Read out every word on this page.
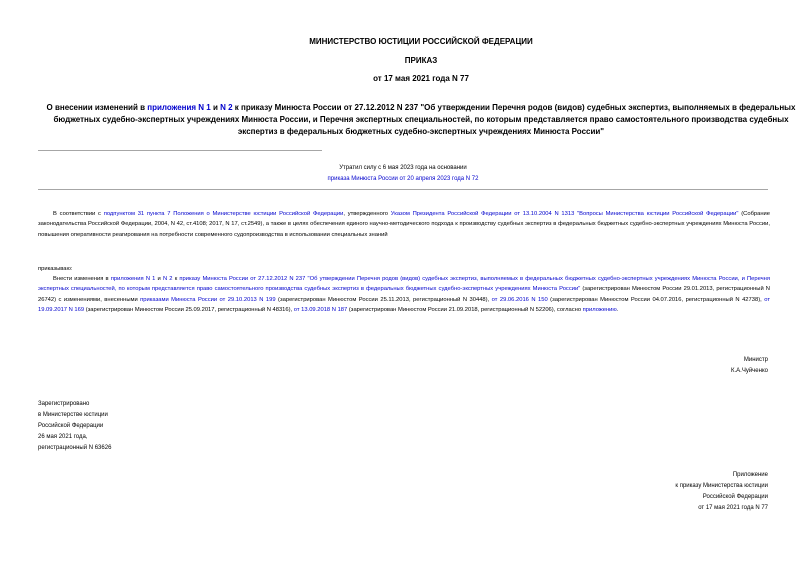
МИНИСТЕРСТВО ЮСТИЦИИ РОССИЙСКОЙ ФЕДЕРАЦИИ
ПРИКАЗ
от 17 мая 2021 года N 77
О внесении изменений в приложения N 1 и N 2 к приказу Минюста России от 27.12.2012 N 237 "Об утверждении Перечня родов (видов) судебных экспертиз, выполняемых в федеральных бюджетных судебно-экспертных учреждениях Минюста России, и Перечня экспертных специальностей, по которым представляется право самостоятельного производства судебных экспертиз в федеральных бюджетных судебно-экспертных учреждениях Минюста России"
Утратил силу с 6 мая 2023 года на основании
приказа Минюста России от 20 апреля 2023 года N 72
В соответствии с подпунктом 31 пункта 7 Положения о Министерстве юстиции Российской Федерации, утвержденного Указом Президента Российской Федерации от 13.10.2004 N 1313 "Вопросы Министерства юстиции Российской Федерации" (Собрание законодательства Российской Федерации, 2004, N 42, ст.4108; 2017, N 17, ст.2549), а также в целях обеспечения единого научно-методического подхода к производству судебных экспертиз в федеральных бюджетных судебно-экспертных учреждениях Минюста России, повышения оперативности реагирования на потребности современного судопроизводства в использовании специальных знаний
приказываю:
Внести изменения в приложения N 1 и N 2 к приказу Минюста России от 27.12.2012 N 237 "Об утверждении Перечня родов (видов) судебных экспертиз, выполняемых в федеральных бюджетных судебно-экспертных учреждениях Минюста России, и Перечня экспертных специальностей, по которым представляется право самостоятельного производства судебных экспертиз в федеральных бюджетных судебно-экспертных учреждениях Минюста России" (зарегистрирован Минюстом России 29.01.2013, регистрационный N 26742) с изменениями, внесенными приказами Минюста России от 29.10.2013 N 199 (зарегистрирован Минюстом России 25.11.2013, регистрационный N 30448), от 29.06.2016 N 150 (зарегистрирован Минюстом России 04.07.2016, регистрационный N 42738), от 19.09.2017 N 169 (зарегистрирован Минюстом России 25.09.2017, регистрационный N 48316), от 13.09.2018 N 187 (зарегистрирован Минюстом России 21.09.2018, регистрационный N 52206), согласно приложению.
Министр
К.А.Чуйченко
Зарегистрировано
в Министерстве юстиции
Российской Федерации
26 мая 2021 года,
регистрационный N 63626
Приложение
к приказу Министерства юстиции
Российской Федерации
от 17 мая 2021 года N 77
